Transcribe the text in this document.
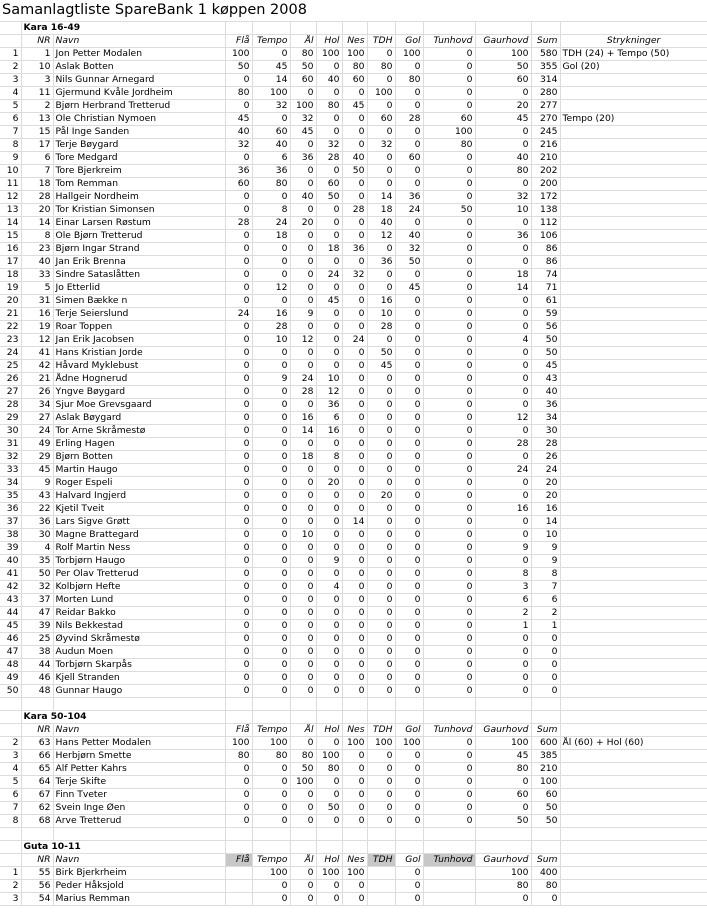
Samanlagtliste SpareBank 1 køppen 2008													
	Kara 16-49												
	NR	Navn	Flå	Tempo	Ål	Hol	Nes	TDH	Gol	Tunhovd	Gaurhovd	Sum	Strykninger
1	1	Jon Petter Modalen	100	0	80	100	100	0	100	0	100	580	TDH (24) + Tempo (50)
2	10	Aslak Botten	50	45	50	0	80	80	0	0	50	355	Gol (20)
3	3	Nils Gunnar Arnegard	0	14	60	40	60	0	80	0	60	314	
4	11	Gjermund Kvåle Jordheim	80	100	0	0	0	100	0	0	0	280	
5	2	Bjørn Herbrand Tretterud	0	32	100	80	45	0	0	0	20	277	
6	13	Ole Christian Nymoen	45	0	32	0	0	60	28	60	45	270	Tempo (20)
7	15	Pål Inge Sanden	40	60	45	0	0	0	0	100	0	245	
8	17	Terje Bøygard	32	40	0	32	0	32	0	80	0	216	
9	6	Tore Medgard	0	6	36	28	40	0	60	0	40	210	
10	7	Tore Bjerkreim	36	36	0	0	50	0	0	0	80	202	
11	18	Tom Remman	60	80	0	60	0	0	0	0	0	200	
12	28	Hallgeir Nordheim	0	0	40	50	0	14	36	0	32	172	
13	20	Tor Kristian Simonsen	0	8	0	0	28	18	24	50	10	138	
14	14	Einar Larsen Røstum	28	24	20	0	0	40	0	0	0	112	
15	8	Ole Bjørn Tretterud	0	18	0	0	0	12	40	0	36	106	
16	23	Bjørn Ingar Strand	0	0	0	18	36	0	32	0	0	86	
17	40	Jan Erik Brenna	0	0	0	0	0	36	50	0	0	86	
18	33	Sindre Sataslåtten	0	0	0	24	32	0	0	0	18	74	
19	5	Jo Etterlid	0	12	0	0	0	0	45	0	14	71	
20	31	Simen Bække n	0	0	0	45	0	16	0	0	0	61	
21	16	Terje Seierslund	24	16	9	0	0	10	0	0	0	59	
22	19	Roar Toppen	0	28	0	0	0	28	0	0	0	56	
23	12	Jan Erik Jacobsen	0	10	12	0	24	0	0	0	4	50	
24	41	Hans Kristian Jorde	0	0	0	0	0	50	0	0	0	50	
25	42	Håvard Myklebust	0	0	0	0	0	45	0	0	0	45	
26	21	Ådne Hognerud	0	9	24	10	0	0	0	0	0	43	
27	26	Yngve Bøygard	0	0	28	12	0	0	0	0	0	40	
28	34	Sjur Moe Grevsgaard	0	0	0	36	0	0	0	0	0	36	
29	27	Aslak Bøygard	0	0	16	6	0	0	0	0	12	34	
30	24	Tor Arne Skråmestø	0	0	14	16	0	0	0	0	0	30	
31	49	Erling Hagen	0	0	0	0	0	0	0	0	28	28	
32	29	Bjørn Botten	0	0	18	8	0	0	0	0	0	26	
33	45	Martin Haugo	0	0	0	0	0	0	0	0	24	24	
34	9	Roger Espeli	0	0	0	20	0	0	0	0	0	20	
35	43	Halvard Ingjerd	0	0	0	0	0	20	0	0	0	20	
36	22	Kjetil Tveit	0	0	0	0	0	0	0	0	16	16	
37	36	Lars Sigve Grøtt	0	0	0	0	14	0	0	0	0	14	
38	30	Magne Brattegard	0	0	10	0	0	0	0	0	0	10	
39	4	Rolf Martin Ness	0	0	0	0	0	0	0	0	9	9	
40	35	Torbjørn Haugo	0	0	0	9	0	0	0	0	0	9	
41	50	Per Olav Tretterud	0	0	0	0	0	0	0	0	8	8	
42	32	Kolbjørn Hefte	0	0	0	4	0	0	0	0	3	7	
43	37	Morten Lund	0	0	0	0	0	0	0	0	6	6	
44	47	Reidar Bakko	0	0	0	0	0	0	0	0	2	2	
45	39	Nils Bekkestad	0	0	0	0	0	0	0	0	1	1	
46	25	Øyvind Skråmestø	0	0	0	0	0	0	0	0	0	0	
47	38	Audun Moen	0	0	0	0	0	0	0	0	0	0	
48	44	Torbjørn Skarpås	0	0	0	0	0	0	0	0	0	0	
49	46	Kjell Stranden	0	0	0	0	0	0	0	0	0	0	
50	48	Gunnar Haugo	0	0	0	0	0	0	0	0	0	0	

	Kara 50-104												
	NR	Navn	Flå	Tempo	Ål	Hol	Nes	TDH	Gol	Tunhovd	Gaurhovd	Sum	
2	63	Hans Petter Modalen	100	100	0	0	100	100	100	0	100	600	Ål (60) + Hol (60)
3	66	Herbjørn Smette	80	80	80	100	0	0	0	0	45	385	
4	65	Alf Petter Kahrs	0	0	50	80	0	0	0	0	80	210	
5	64	Terje Skifte	0	0	100	0	0	0	0	0	0	100	
6	67	Finn Tveter	0	0	0	0	0	0	0	0	60	60	
7	62	Svein Inge Øen	0	0	0	50	0	0	0	0	0	50	
8	68	Arve Tretterud	0	0	0	0	0	0	0	0	50	50	

	Guta 10-11												
	NR	Navn	Flå	Tempo	Ål	Hol	Nes	TDH	Gol	Tunhovd	Gaurhovd	Sum	
1	55	Birk Bjerkrheim		100	0	100	100		0		100	400	
2	56	Peder Håksjold		0	0	0	0		0		80	80	
3	54	Marius Remman		0	0	0	0		0		0	0	
